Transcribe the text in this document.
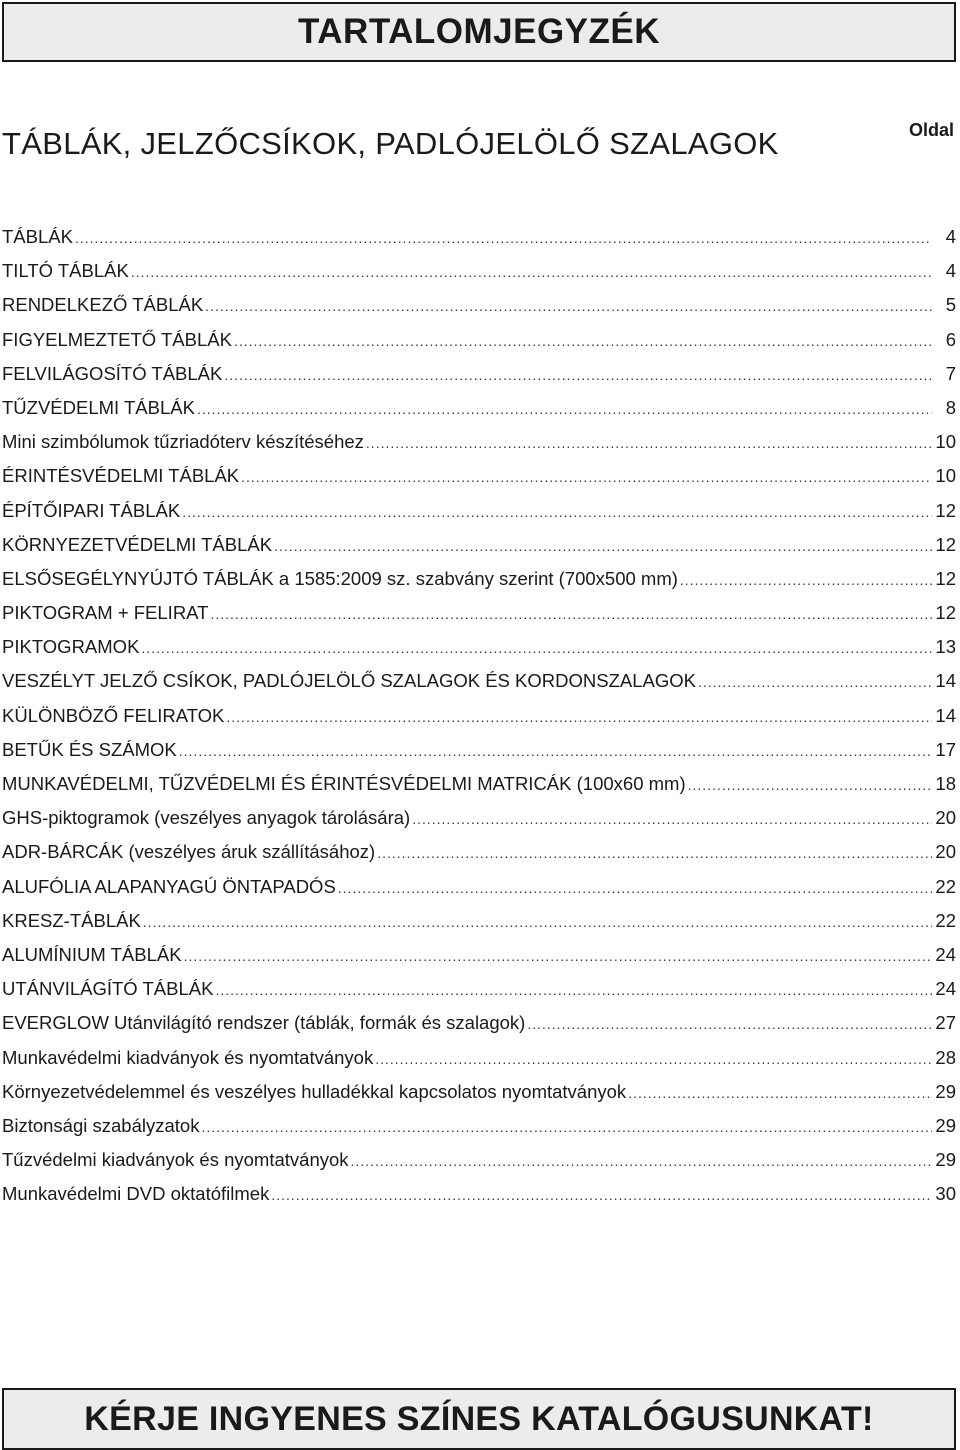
TARTALOMJEGYZÉK
TÁBLÁK, JELZŐCSÍKOK, PADLÓJELÖLŐ SZALAGOK	Oldal
TÁBLÁK .....	4
TILTÓ TÁBLÁK .....	4
RENDELKEZŐ TÁBLÁK .....	5
FIGYELMEZTETŐ TÁBLÁK .....	6
FELVILÁGOSÍTÓ TÁBLÁK .....	7
TŰZVÉDELMI TÁBLÁK .....	8
Mini szimbólumok tűzriadóterv készítéséhez .....	10
ÉRINTÉSVÉDELMI TÁBLÁK .....	10
ÉPÍTŐIPARI TÁBLÁK .....	12
KÖRNYEZETVÉDELMI TÁBLÁK .....	12
ELSŐSEGÉLYNYÚJTÓ TÁBLÁK a 1585:2009 sz. szabvány szerint (700x500 mm) .....	12
PIKTOGRAM + FELIRAT .....	12
PIKTOGRAMOK .....	13
VESZÉLYT JELZŐ CSÍKOK, PADLÓJELÖLŐ SZALAGOK ÉS KORDONSZALAGOK .....	14
KÜLÖNBÖZŐ FELIRATOK .....	14
BETŰK ÉS SZÁMOK .....	17
MUNKAVÉDELMI, TŰZVÉDELMI ÉS ÉRINTÉSVÉDELMI MATRICÁK (100x60 mm) .....	18
GHS-piktogramok (veszélyes anyagok tárolására) .....	20
ADR-BÁRCÁK (veszélyes áruk szállításához) .....	20
ALUFÓLIA ALAPANYAGÚ ÖNTAPADÓS .....	22
KRESZ-TÁBLÁK .....	22
ALUMÍNIUM TÁBLÁK .....	24
UTÁNVILÁGÍTÓ TÁBLÁK .....	24
EVERGLOW Utánvilágító rendszer (táblák, formák és szalagok) .....	27
Munkavédelmi kiadványok és nyomtatványok .....	28
Környezetvédelemmel és veszélyes hulladékkal kapcsolatos nyomtatványok .....	29
Biztonsági szabályzatok .....	29
Tűzvédelmi kiadványok és nyomtatványok .....	29
Munkavédelmi DVD oktatófilmek .....	30
KÉRJE INGYENES SZÍNES KATALÓGUSUNKAT!
